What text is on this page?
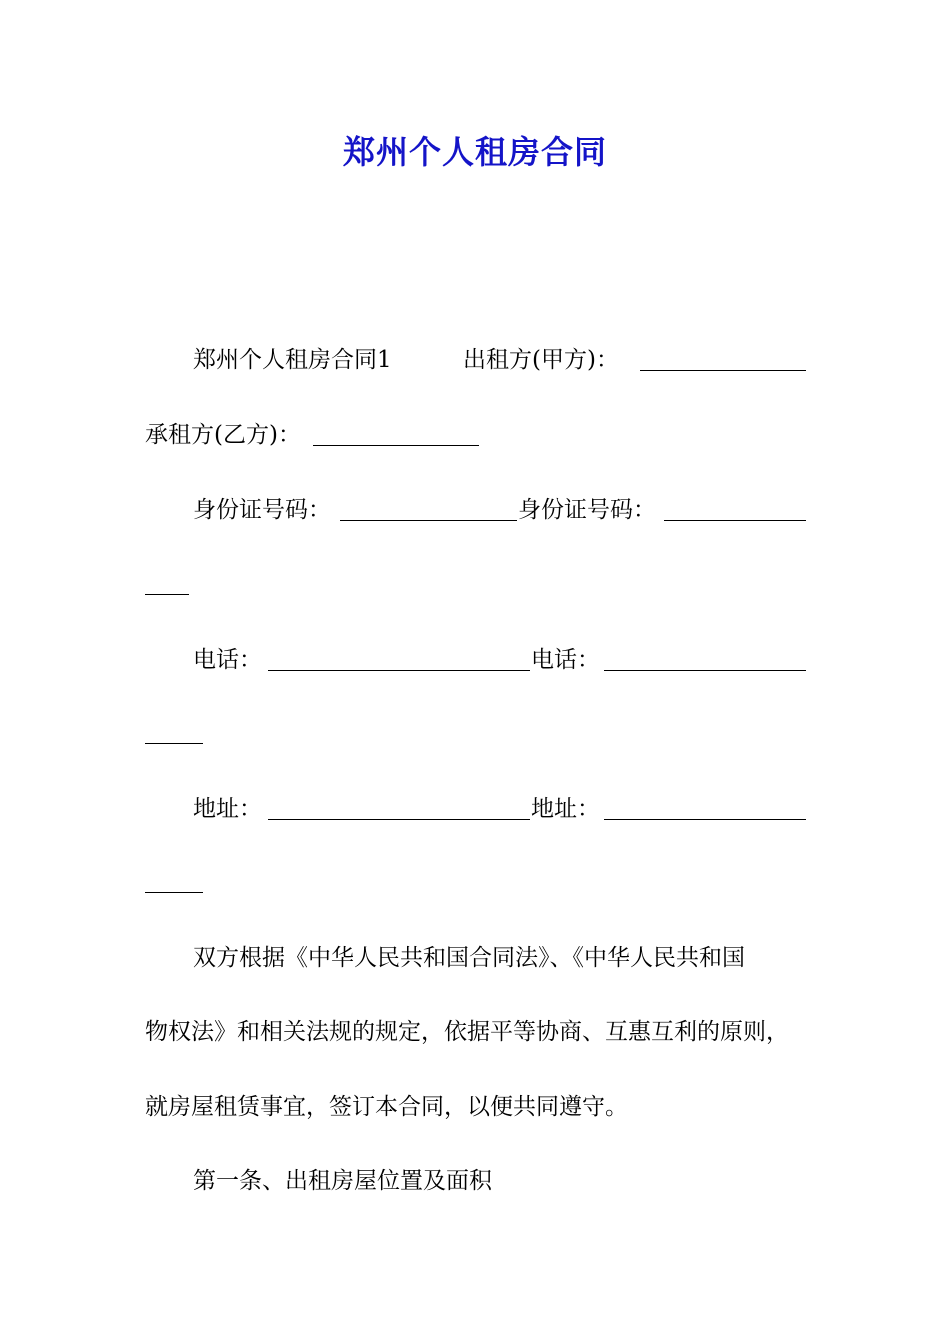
郑州个人租房合同
郑州个人租房合同1	出租方(甲方)：
承租方(乙方)：
身份证号码：	身份证号码：
电话：	电话：
地址：	地址：
双方根据《中华人民共和国合同法》、《中华人民共和国
物权法》和相关法规的规定，依据平等协商、互惠互利的原则，
就房屋租赁事宜，签订本合同，以便共同遵守。
第一条、出租房屋位置及面积
